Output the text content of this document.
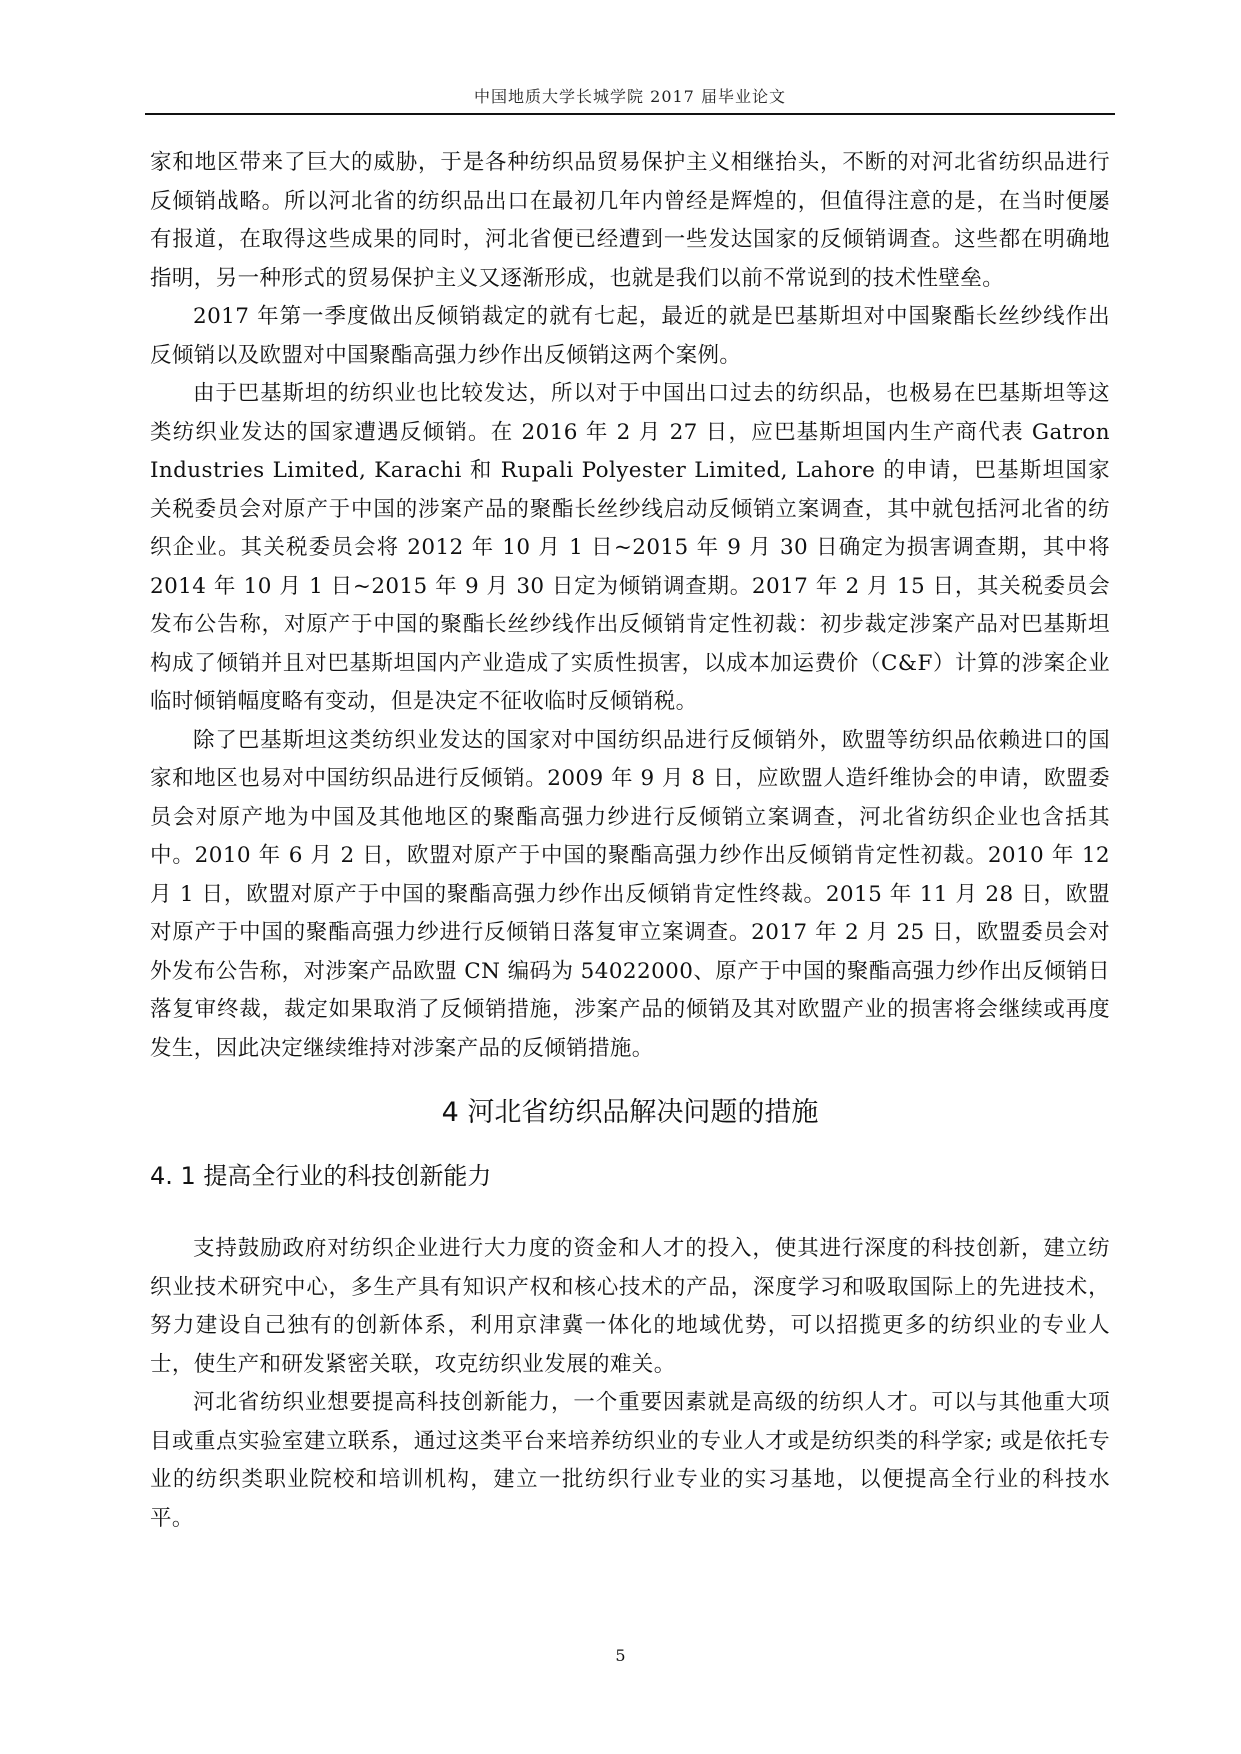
中国地质大学长城学院 2017 届毕业论文

家和地区带来了巨大的威胁，于是各种纺织品贸易保护主义相继抬头，不断的对河北省纺织品进行反倾销战略。所以河北省的纺织品出口在最初几年内曾经是辉煌的，但值得注意的是，在当时便屡有报道，在取得这些成果的同时，河北省便已经遭到一些发达国家的反倾销调查。这些都在明确地指明，另一种形式的贸易保护主义又逐渐形成，也就是我们以前不常说到的技术性壁垒。

2017 年第一季度做出反倾销裁定的就有七起，最近的就是巴基斯坦对中国聚酯长丝纱线作出反倾销以及欧盟对中国聚酯高强力纱作出反倾销这两个案例。

由于巴基斯坦的纺织业也比较发达，所以对于中国出口过去的纺织品，也极易在巴基斯坦等这类纺织业发达的国家遭遇反倾销。在 2016 年 2 月 27 日，应巴基斯坦国内生产商代表 Gatron Industries Limited, Karachi 和 Rupali Polyester Limited, Lahore 的申请，巴基斯坦国家关税委员会对原产于中国的涉案产品的聚酯长丝纱线启动反倾销立案调查，其中就包括河北省的纺织企业。其关税委员会将 2012 年 10 月 1 日~2015 年 9 月 30 日确定为损害调查期，其中将 2014 年 10 月 1 日~2015 年 9 月 30 日定为倾销调查期。2017 年 2 月 15 日，其关税委员会发布公告称，对原产于中国的聚酯长丝纱线作出反倾销肯定性初裁：初步裁定涉案产品对巴基斯坦构成了倾销并且对巴基斯坦国内产业造成了实质性损害，以成本加运费价（C&F）计算的涉案企业临时倾销幅度略有变动，但是决定不征收临时反倾销税。

除了巴基斯坦这类纺织业发达的国家对中国纺织品进行反倾销外，欧盟等纺织品依赖进口的国家和地区也易对中国纺织品进行反倾销。2009 年 9 月 8 日，应欧盟人造纤维协会的申请，欧盟委员会对原产地为中国及其他地区的聚酯高强力纱进行反倾销立案调查，河北省纺织企业也含括其中。2010 年 6 月 2 日，欧盟对原产于中国的聚酯高强力纱作出反倾销肯定性初裁。2010 年 12 月 1 日，欧盟对原产于中国的聚酯高强力纱作出反倾销肯定性终裁。2015 年 11 月 28 日，欧盟对原产于中国的聚酯高强力纱进行反倾销日落复审立案调查。2017 年 2 月 25 日，欧盟委员会对外发布公告称，对涉案产品欧盟 CN 编码为 54022000、原产于中国的聚酯高强力纱作出反倾销日落复审终裁，裁定如果取消了反倾销措施，涉案产品的倾销及其对欧盟产业的损害将会继续或再度发生，因此决定继续维持对涉案产品的反倾销措施。

4 河北省纺织品解决问题的措施
4. 1 提高全行业的科技创新能力

支持鼓励政府对纺织企业进行大力度的资金和人才的投入，使其进行深度的科技创新，建立纺织业技术研究中心，多生产具有知识产权和核心技术的产品，深度学习和吸取国际上的先进技术，努力建设自己独有的创新体系，利用京津冀一体化的地域优势，可以招揽更多的纺织业的专业人士，使生产和研发紧密关联，攻克纺织业发展的难关。

河北省纺织业想要提高科技创新能力，一个重要因素就是高级的纺织人才。可以与其他重大项目或重点实验室建立联系，通过这类平台来培养纺织业的专业人才或是纺织类的科学家; 或是依托专业的纺织类职业院校和培训机构，建立一批纺织行业专业的实习基地，以便提高全行业的科技水平。

5
